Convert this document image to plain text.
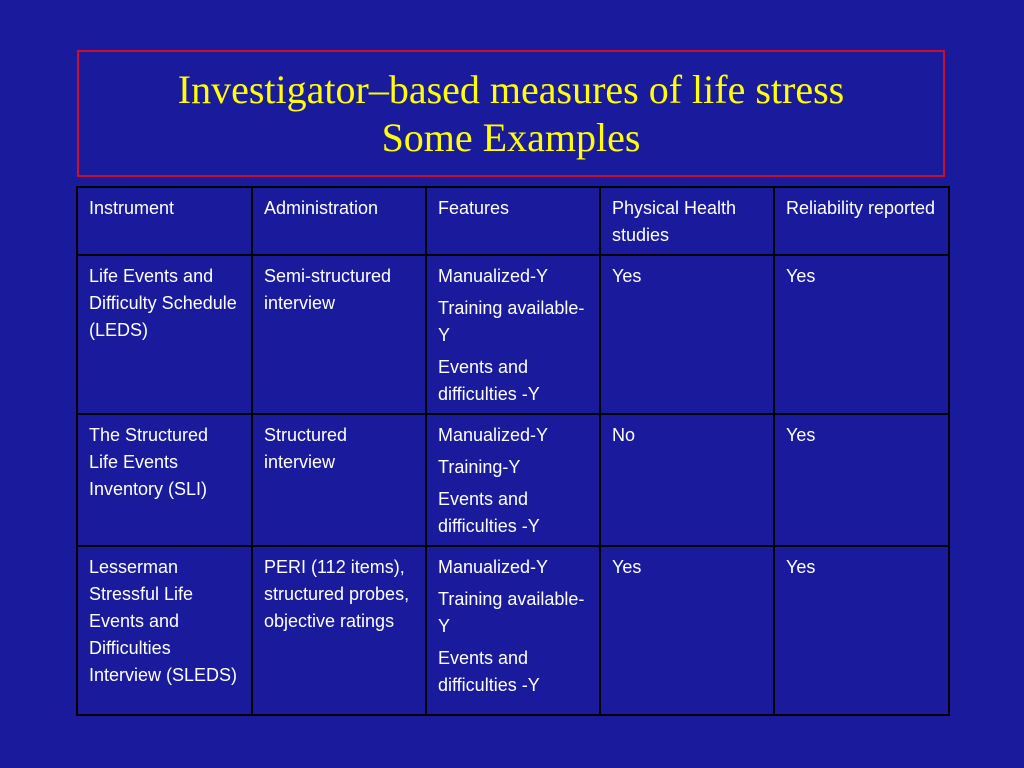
Investigator–based measures of life stress
Some Examples
Instrument	Administration	Features	Physical Health studies	Reliability reported
Life Events and Difficulty Schedule (LEDS)	Semi-structured interview	Manualized-Y
Training available-Y
Events and difficulties -Y	Yes	Yes
The Structured Life Events Inventory (SLI)	Structured interview	Manualized-Y
Training-Y
Events and difficulties -Y	No	Yes
Lesserman Stressful Life Events and Difficulties Interview (SLEDS)	PERI (112 items), structured probes, objective ratings	Manualized-Y
Training available-Y
Events and difficulties -Y	Yes	Yes
